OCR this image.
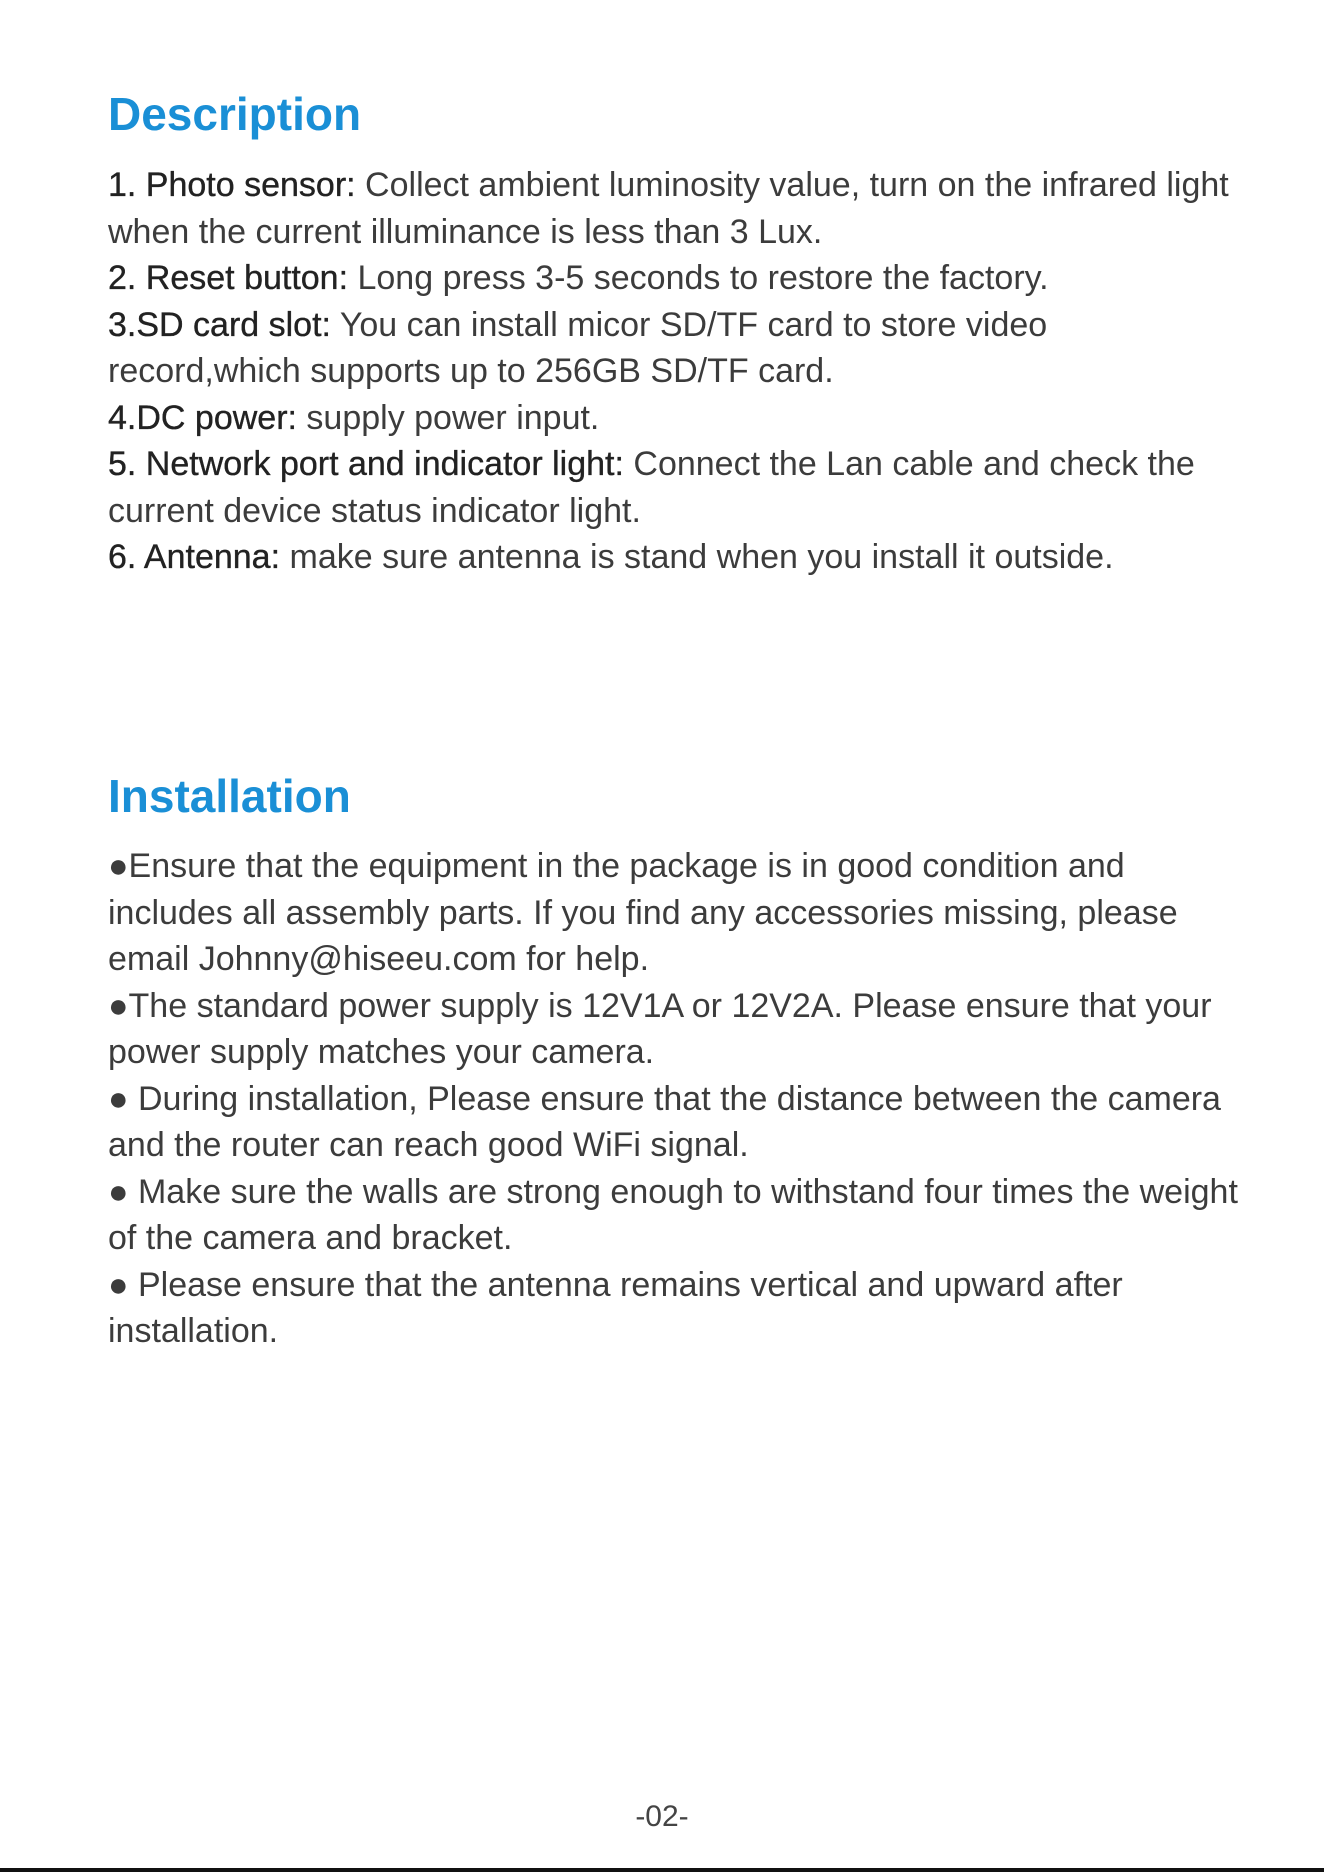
Description
1. Photo sensor: Collect ambient luminosity value, turn on the infrared light when the current illuminance is less than 3 Lux.
2. Reset button: Long press 3-5 seconds to restore the factory.
3.SD card slot: You can install micor SD/TF card to store video record,which supports up to 256GB SD/TF card.
4.DC power: supply power input.
5. Network port and indicator light: Connect the Lan cable and check the current device status indicator light.
6. Antenna: make sure antenna is stand when you install it outside.
Installation
●Ensure that the equipment in the package is in good condition and includes all assembly parts. If you find any accessories missing, please email Johnny@hiseeu.com for help.
●The standard power supply is 12V1A or 12V2A. Please ensure that your power supply matches your camera.
● During installation, Please ensure that the distance between the camera and the router can reach good WiFi signal.
● Make sure the walls are strong enough to withstand four times the weight of the camera and bracket.
● Please ensure that the antenna remains vertical and upward after installation.
-02-
